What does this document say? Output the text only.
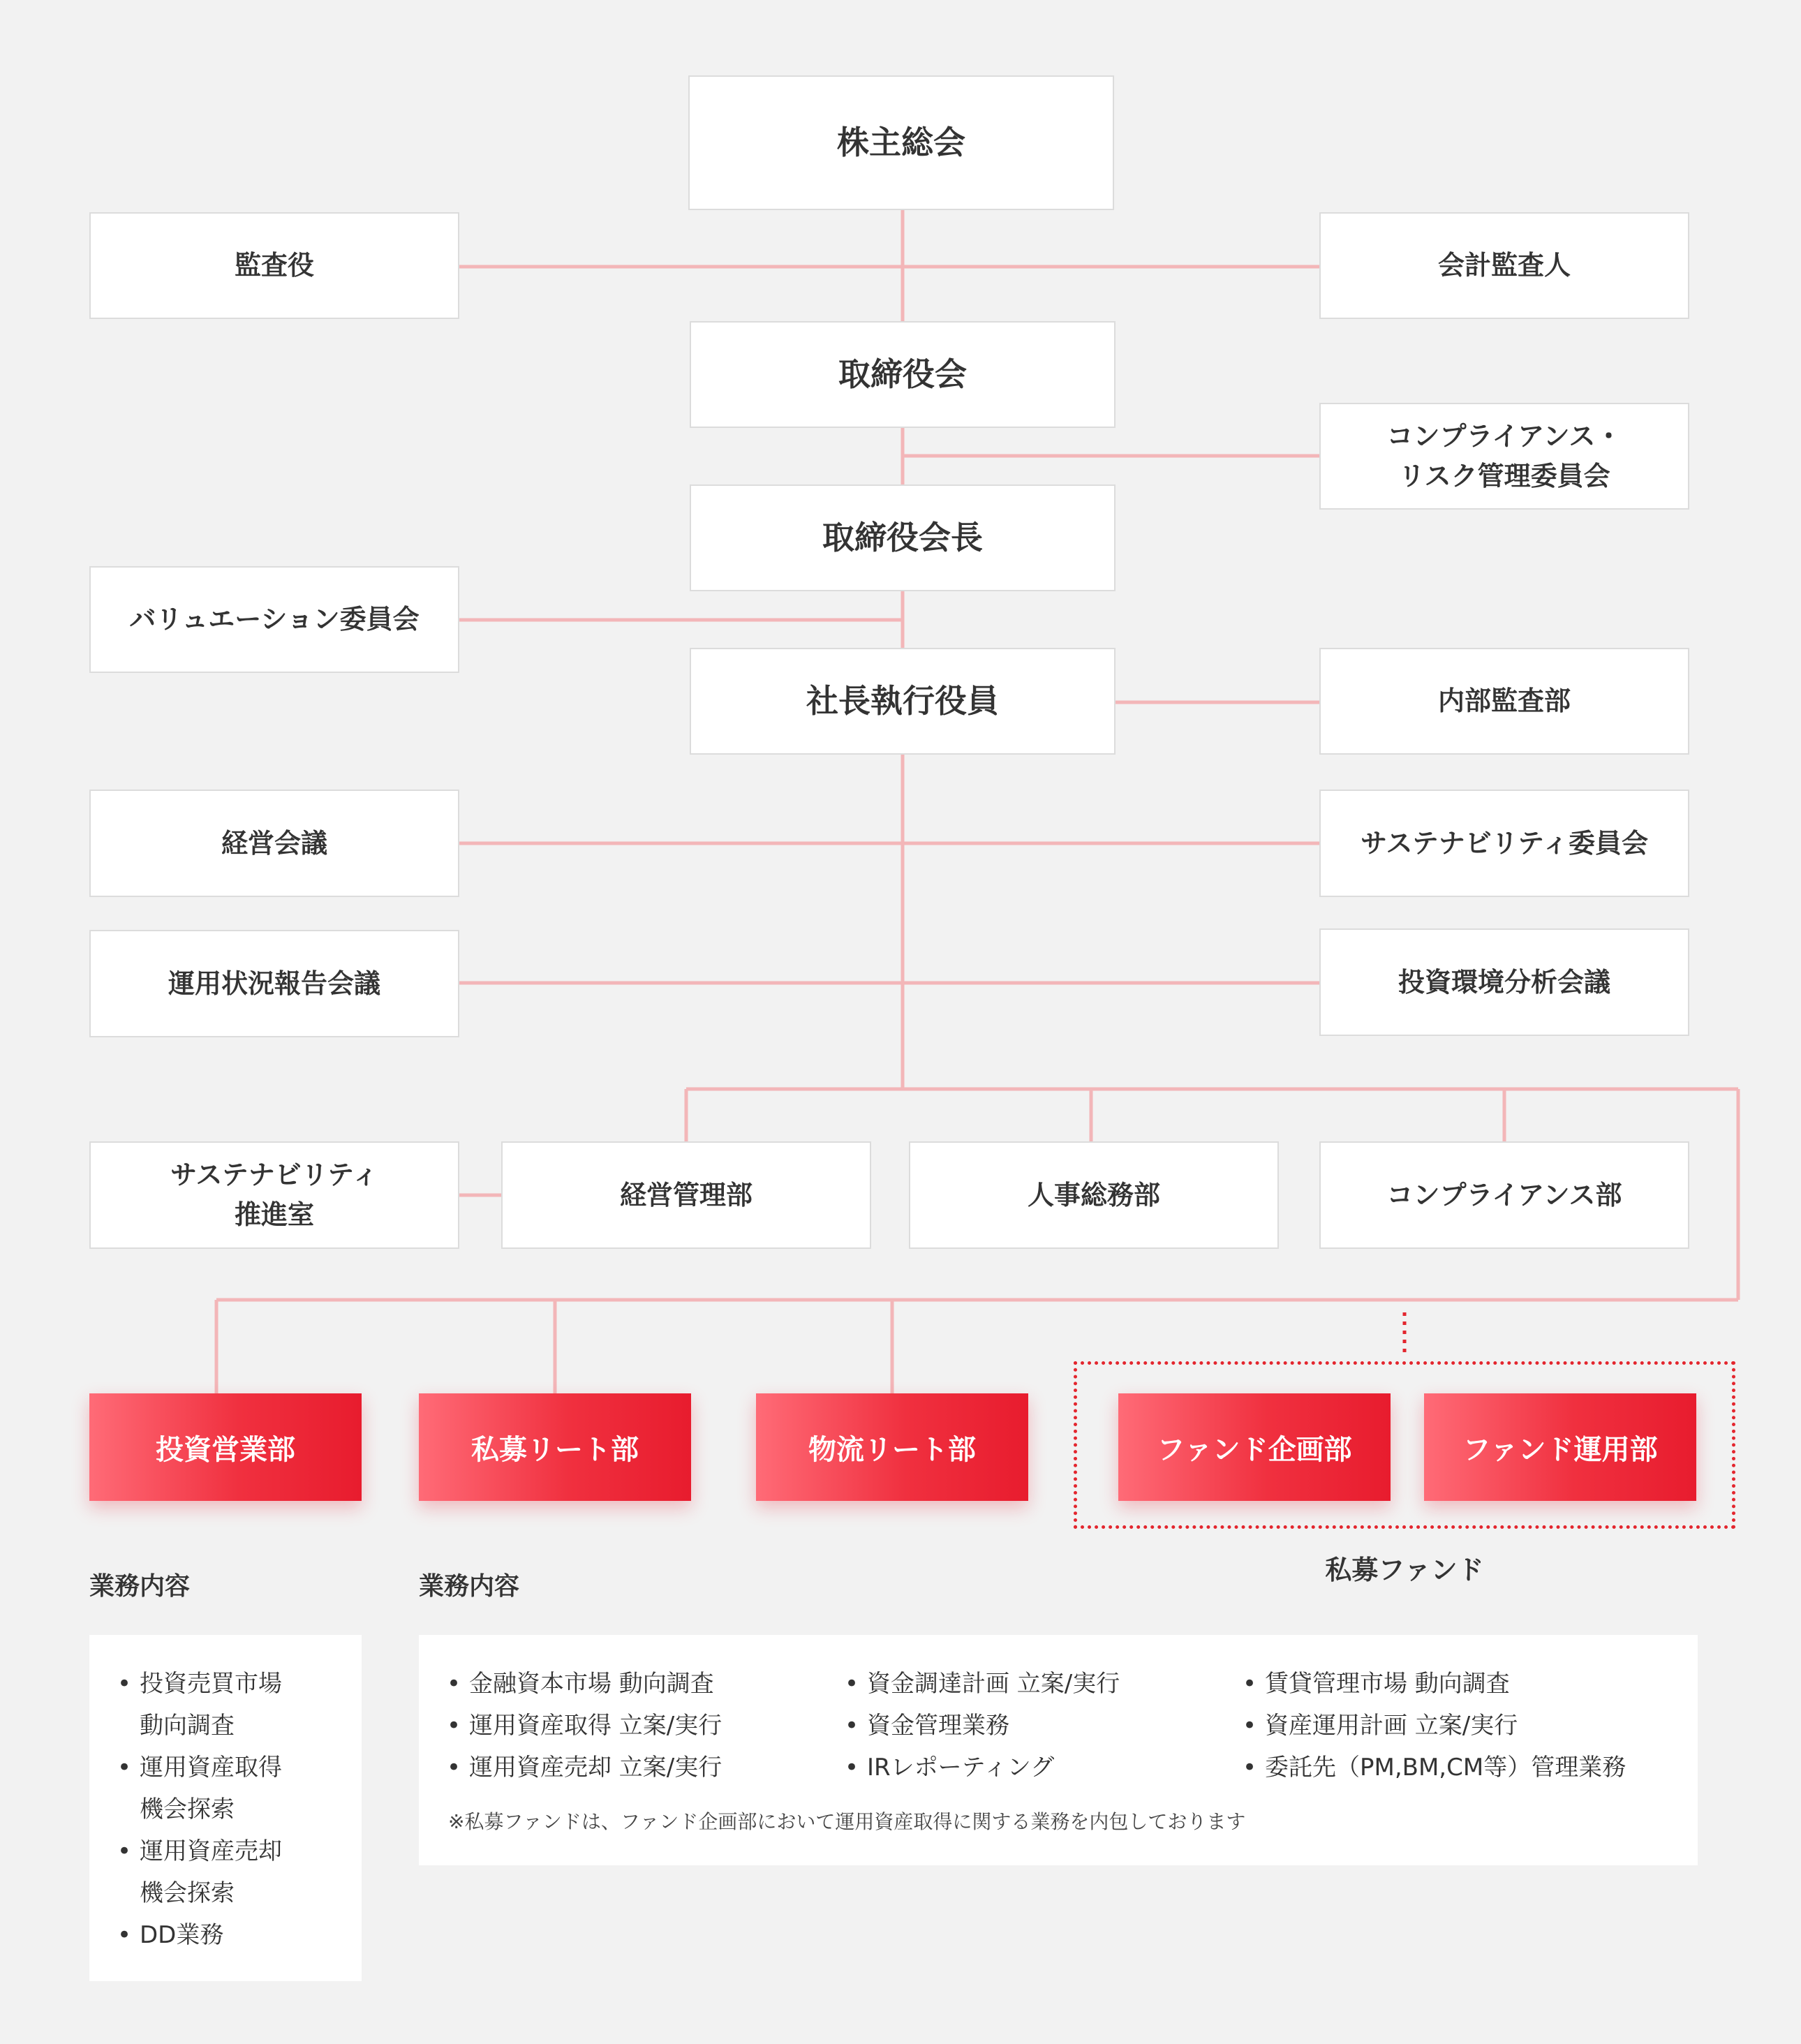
株主総会
監査役	会計監査人
取締役会
コンプライアンス・
リスク管理委員会
取締役会長
バリュエーション委員会
社長執行役員	内部監査部
経営会議	サステナビリティ委員会
運用状況報告会議	投資環境分析会議
サステナビリティ
推進室
経営管理部	人事総務部	コンプライアンス部
投資営業部	私募リート部	物流リート部	ファンド企画部	ファンド運用部
私募ファンド
業務内容	業務内容
• 投資売買市場
動向調査
• 運用資産取得
機会探索
• 運用資産売却
機会探索
• DD業務
• 金融資本市場 動向調査
• 運用資産取得 立案/実行
• 運用資産売却 立案/実行
• 資金調達計画 立案/実行
• 資金管理業務
• IRレポーティング
• 賃貸管理市場 動向調査
• 資産運用計画 立案/実行
• 委託先（PM,BM,CM等）管理業務
※私募ファンドは、ファンド企画部において運用資産取得に関する業務を内包しております
